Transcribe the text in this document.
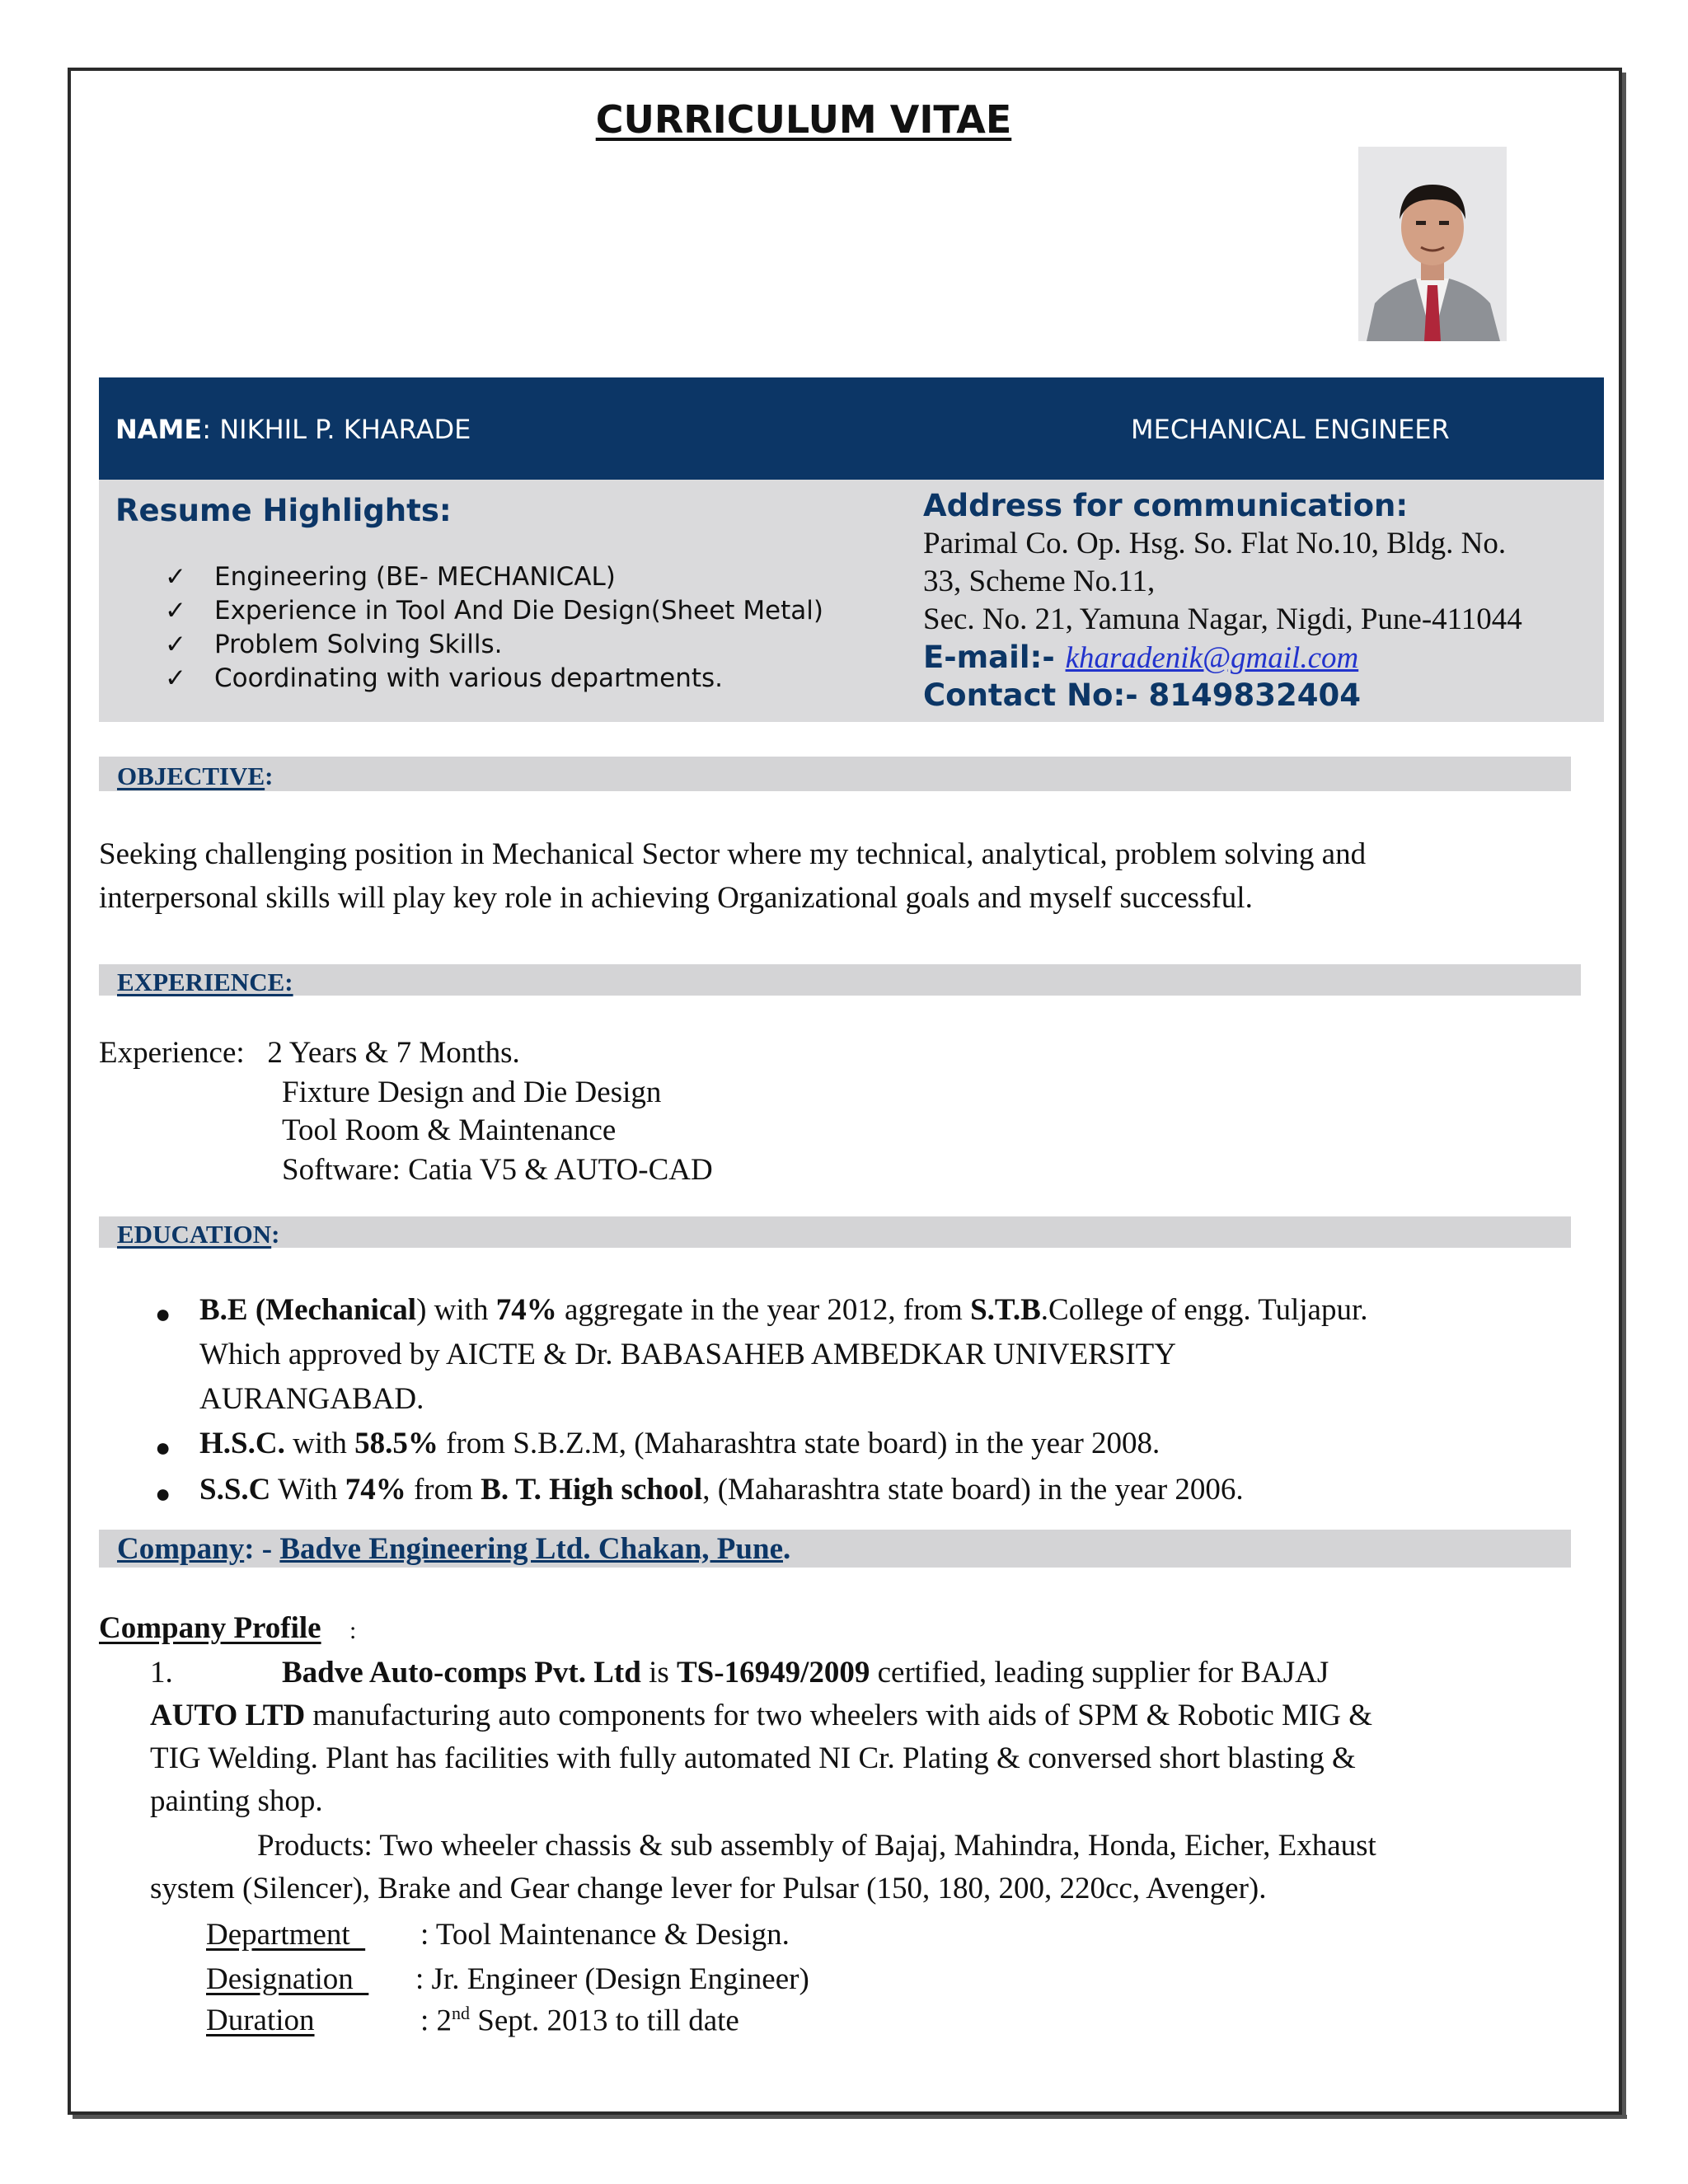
CURRICULUM VITAE
NAME: NIKHIL P. KHARADE	MECHANICAL ENGINEER
Resume Highlights:
✓ Engineering (BE- MECHANICAL)
✓ Experience in Tool And Die Design(Sheet Metal)
✓ Problem Solving Skills.
✓ Coordinating with various departments.
Address for communication:
Parimal Co. Op. Hsg. So. Flat No.10, Bldg. No.
33, Scheme No.11,
Sec. No. 21, Yamuna Nagar, Nigdi, Pune-411044
E-mail:- kharadenik@gmail.com
Contact No:- 8149832404
OBJECTIVE:
Seeking challenging position in Mechanical Sector where my technical, analytical, problem solving and
interpersonal skills will play key role in achieving Organizational goals and myself successful.
EXPERIENCE:
Experience: 2 Years & 7 Months.
Fixture Design and Die Design
Tool Room & Maintenance
Software: Catia V5 & AUTO-CAD
EDUCATION:
● B.E (Mechanical) with 74% aggregate in the year 2012, from S.T.B.College of engg. Tuljapur.
Which approved by AICTE & Dr. BABASAHEB AMBEDKAR UNIVERSITY
AURANGABAD.
● H.S.C. with 58.5% from S.B.Z.M, (Maharashtra state board) in the year 2008.
● S.S.C With 74% from B. T. High school, (Maharashtra state board) in the year 2006.
Company: - Badve Engineering Ltd. Chakan, Pune.
Company Profile :
1.	Badve Auto-comps Pvt. Ltd is TS-16949/2009 certified, leading supplier for BAJAJ
AUTO LTD manufacturing auto components for two wheelers with aids of SPM & Robotic MIG &
TIG Welding. Plant has facilities with fully automated NI Cr. Plating & conversed short blasting &
painting shop.
Products: Two wheeler chassis & sub assembly of Bajaj, Mahindra, Honda, Eicher, Exhaust
system (Silencer), Brake and Gear change lever for Pulsar (150, 180, 200, 220cc, Avenger).
Department : Tool Maintenance & Design.
Designation : Jr. Engineer (Design Engineer)
Duration	: 2nd Sept. 2013 to till date
